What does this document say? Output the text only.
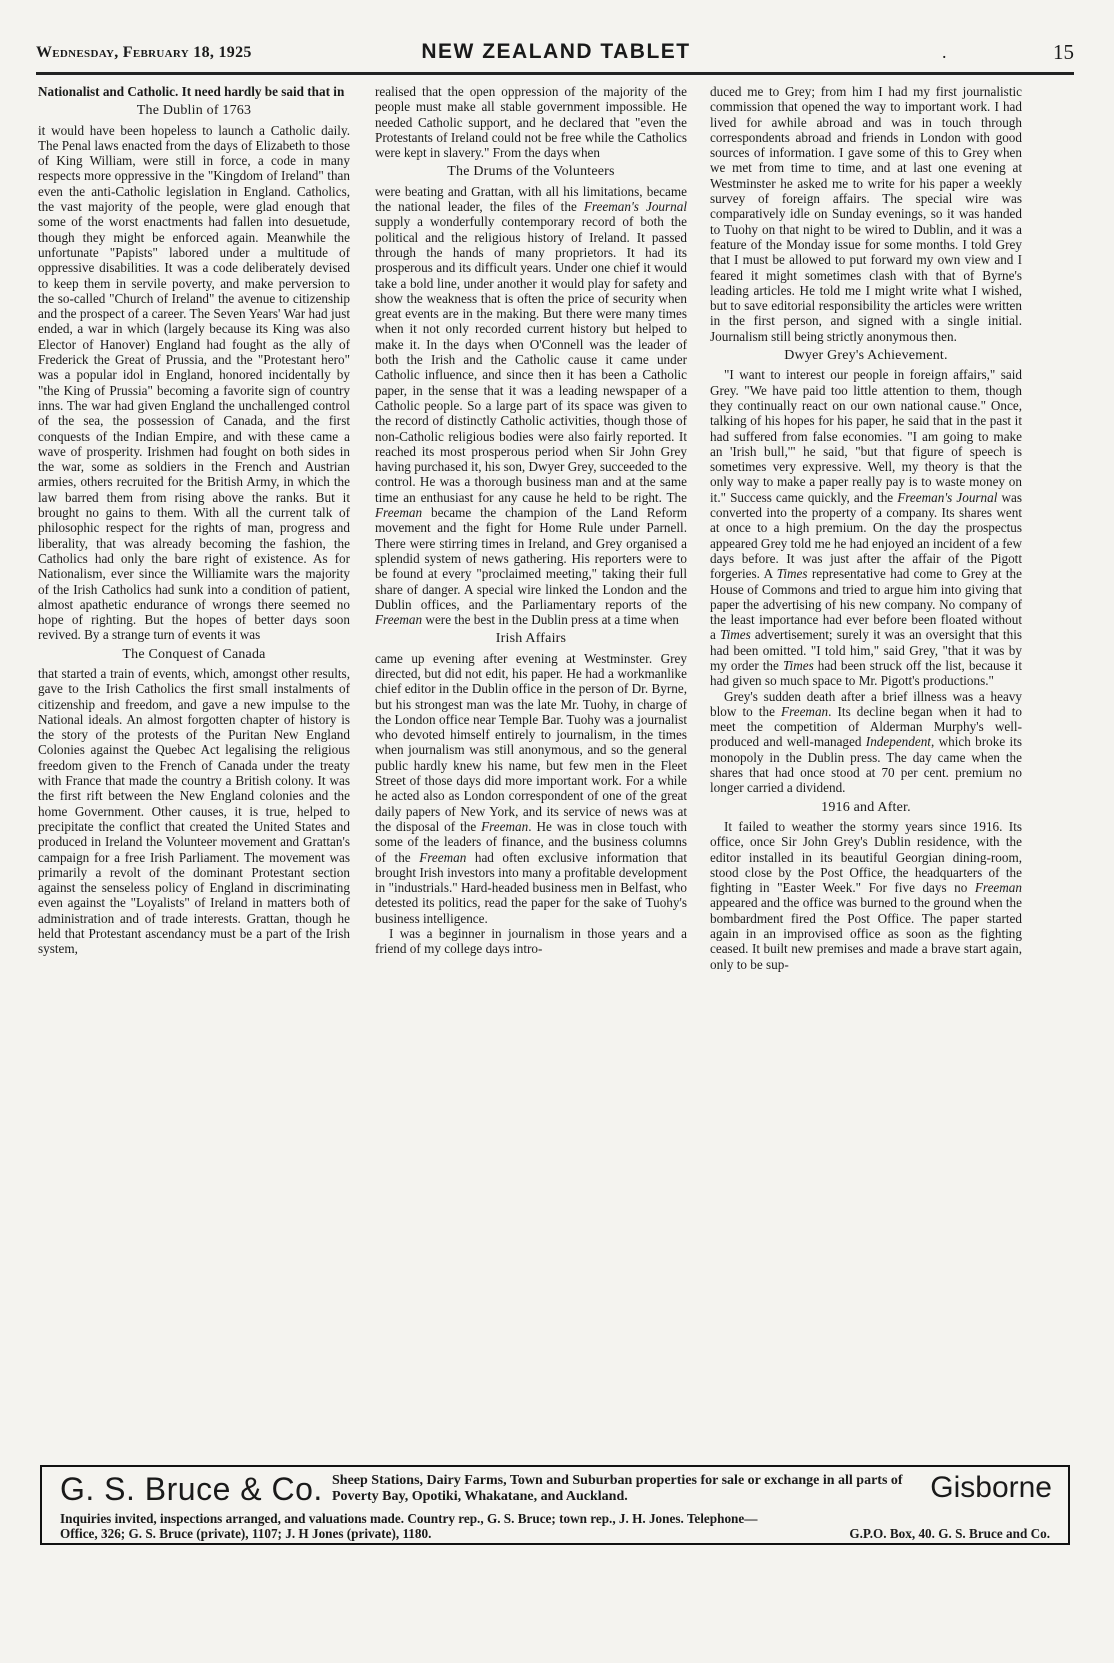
Wednesday, February 18, 1925	NEW ZEALAND TABLET	.	15

Nationalist and Catholic. It need hardly be said that in

The Dublin of 1763

it would have been hopeless to launch a Catholic daily. The Penal laws enacted from the days of Elizabeth to those of King William, were still in force, a code in many respects more oppressive in the "Kingdom of Ireland" than even the anti-Catholic legislation in England. Catholics, the vast majority of the people, were glad enough that some of the worst enactments had fallen into desuetude, though they might be enforced again. Meanwhile the unfortunate "Papists" labored under a multitude of oppressive disabilities. It was a code deliberately devised to keep them in servile poverty, and make perversion to the so-called "Church of Ireland" the avenue to citizenship and the prospect of a career. The Seven Years' War had just ended, a war in which (largely because its King was also Elector of Hanover) England had fought as the ally of Frederick the Great of Prussia, and the "Protestant hero" was a popular idol in England, honored incidentally by "the King of Prussia" becoming a favorite sign of country inns. The war had given England the unchallenged control of the sea, the possession of Canada, and the first conquests of the Indian Empire, and with these came a wave of prosperity. Irishmen had fought on both sides in the war, some as soldiers in the French and Austrian armies, others recruited for the British Army, in which the law barred them from rising above the ranks. But it brought no gains to them. With all the current talk of philosophic respect for the rights of man, progress and liberality, that was already becoming the fashion, the Catholics had only the bare right of existence. As for Nationalism, ever since the Williamite wars the majority of the Irish Catholics had sunk into a condition of patient, almost apathetic endurance of wrongs there seemed no hope of righting. But the hopes of better days soon revived. By a strange turn of events it was

The Conquest of Canada

that started a train of events, which, amongst other results, gave to the Irish Catholics the first small instalments of citizenship and freedom, and gave a new impulse to the National ideals. An almost forgotten chapter of history is the story of the protests of the Puritan New England Colonies against the Quebec Act legalising the religious freedom given to the French of Canada under the treaty with France that made the country a British colony. It was the first rift between the New England colonies and the home Government. Other causes, it is true, helped to precipitate the conflict that created the United States and produced in Ireland the Volunteer movement and Grattan's campaign for a free Irish Parliament. The movement was primarily a revolt of the dominant Protestant section against the senseless policy of England in discriminating even against the "Loyalists" of Ireland in matters both of administration and of trade interests. Grattan, though he held that Protestant ascendancy must be a part of the Irish system,

realised that the open oppression of the majority of the people must make all stable government impossible. He needed Catholic support, and he declared that "even the Protestants of Ireland could not be free while the Catholics were kept in slavery." From the days when

The Drums of the Volunteers

were beating and Grattan, with all his limitations, became the national leader, the files of the Freeman's Journal supply a wonderfully contemporary record of both the political and the religious history of Ireland. It passed through the hands of many proprietors. It had its prosperous and its difficult years. Under one chief it would take a bold line, under another it would play for safety and show the weakness that is often the price of security when great events are in the making. But there were many times when it not only recorded current history but helped to make it. In the days when O'Connell was the leader of both the Irish and the Catholic cause it came under Catholic influence, and since then it has been a Catholic paper, in the sense that it was a leading newspaper of a Catholic people. So a large part of its space was given to the record of distinctly Catholic activities, though those of non-Catholic religious bodies were also fairly reported. It reached its most prosperous period when Sir John Grey having purchased it, his son, Dwyer Grey, succeeded to the control. He was a thorough business man and at the same time an enthusiast for any cause he held to be right. The Freeman became the champion of the Land Reform movement and the fight for Home Rule under Parnell. There were stirring times in Ireland, and Grey organised a splendid system of news gathering. His reporters were to be found at every "proclaimed meeting," taking their full share of danger. A special wire linked the London and the Dublin offices, and the Parliamentary reports of the Freeman were the best in the Dublin press at a time when

Irish Affairs

came up evening after evening at Westminster. Grey directed, but did not edit, his paper. He had a workmanlike chief editor in the Dublin office in the person of Dr. Byrne, but his strongest man was the late Mr. Tuohy, in charge of the London office near Temple Bar. Tuohy was a journalist who devoted himself entirely to journalism, in the times when journalism was still anonymous, and so the general public hardly knew his name, but few men in the Fleet Street of those days did more important work. For a while he acted also as London correspondent of one of the great daily papers of New York, and its service of news was at the disposal of the Freeman. He was in close touch with some of the leaders of finance, and the business columns of the Freeman had often exclusive information that brought Irish investors into many a profitable development in "industrials." Hard-headed business men in Belfast, who detested its politics, read the paper for the sake of Tuohy's business intelligence.

I was a beginner in journalism in those years and a friend of my college days intro-

duced me to Grey; from him I had my first journalistic commission that opened the way to important work. I had lived for awhile abroad and was in touch through correspondents abroad and friends in London with good sources of information. I gave some of this to Grey when we met from time to time, and at last one evening at Westminster he asked me to write for his paper a weekly survey of foreign affairs. The special wire was comparatively idle on Sunday evenings, so it was handed to Tuohy on that night to be wired to Dublin, and it was a feature of the Monday issue for some months. I told Grey that I must be allowed to put forward my own view and I feared it might sometimes clash with that of Byrne's leading articles. He told me I might write what I wished, but to save editorial responsibility the articles were written in the first person, and signed with a single initial. Journalism still being strictly anonymous then.

Dwyer Grey's Achievement.

"I want to interest our people in foreign affairs," said Grey. "We have paid too little attention to them, though they continually react on our own national cause." Once, talking of his hopes for his paper, he said that in the past it had suffered from false economies. "I am going to make an 'Irish bull,'" he said, "but that figure of speech is sometimes very expressive. Well, my theory is that the only way to make a paper really pay is to waste money on it." Success came quickly, and the Freeman's Journal was converted into the property of a company. Its shares went at once to a high premium. On the day the prospectus appeared Grey told me he had enjoyed an incident of a few days before. It was just after the affair of the Pigott forgeries. A Times representative had come to Grey at the House of Commons and tried to argue him into giving that paper the advertising of his new company. No company of the least importance had ever before been floated without a Times advertisement; surely it was an oversight that this had been omitted. "I told him," said Grey, "that it was by my order the Times had been struck off the list, because it had given so much space to Mr. Pigott's productions."

Grey's sudden death after a brief illness was a heavy blow to the Freeman. Its decline began when it had to meet the competition of Alderman Murphy's well-produced and well-managed Independent, which broke its monopoly in the Dublin press. The day came when the shares that had once stood at 70 per cent. premium no longer carried a dividend.

1916 and After.

It failed to weather the stormy years since 1916. Its office, once Sir John Grey's Dublin residence, with the editor installed in its beautiful Georgian dining-room, stood close by the Post Office, the headquarters of the fighting in "Easter Week." For five days no Freeman appeared and the office was burned to the ground when the bombardment fired the Post Office. The paper started again in an improvised office as soon as the fighting ceased. It built new premises and made a brave start again, only to be sup-

G. S. Bruce & Co. Sheep Stations, Dairy Farms, Town and Suburban properties for sale or exchange in all parts of Poverty Bay, Opotiki, Whakatane, and Auckland.	Gisborne
Inquiries invited, inspections arranged, and valuations made. Country rep., G. S. Bruce; town rep., J. H. Jones. Telephone—
Office, 326; G. S. Bruce (private), 1107; J. H Jones (private), 1180.	G.P.O. Box, 40. G. S. Bruce and Co.
